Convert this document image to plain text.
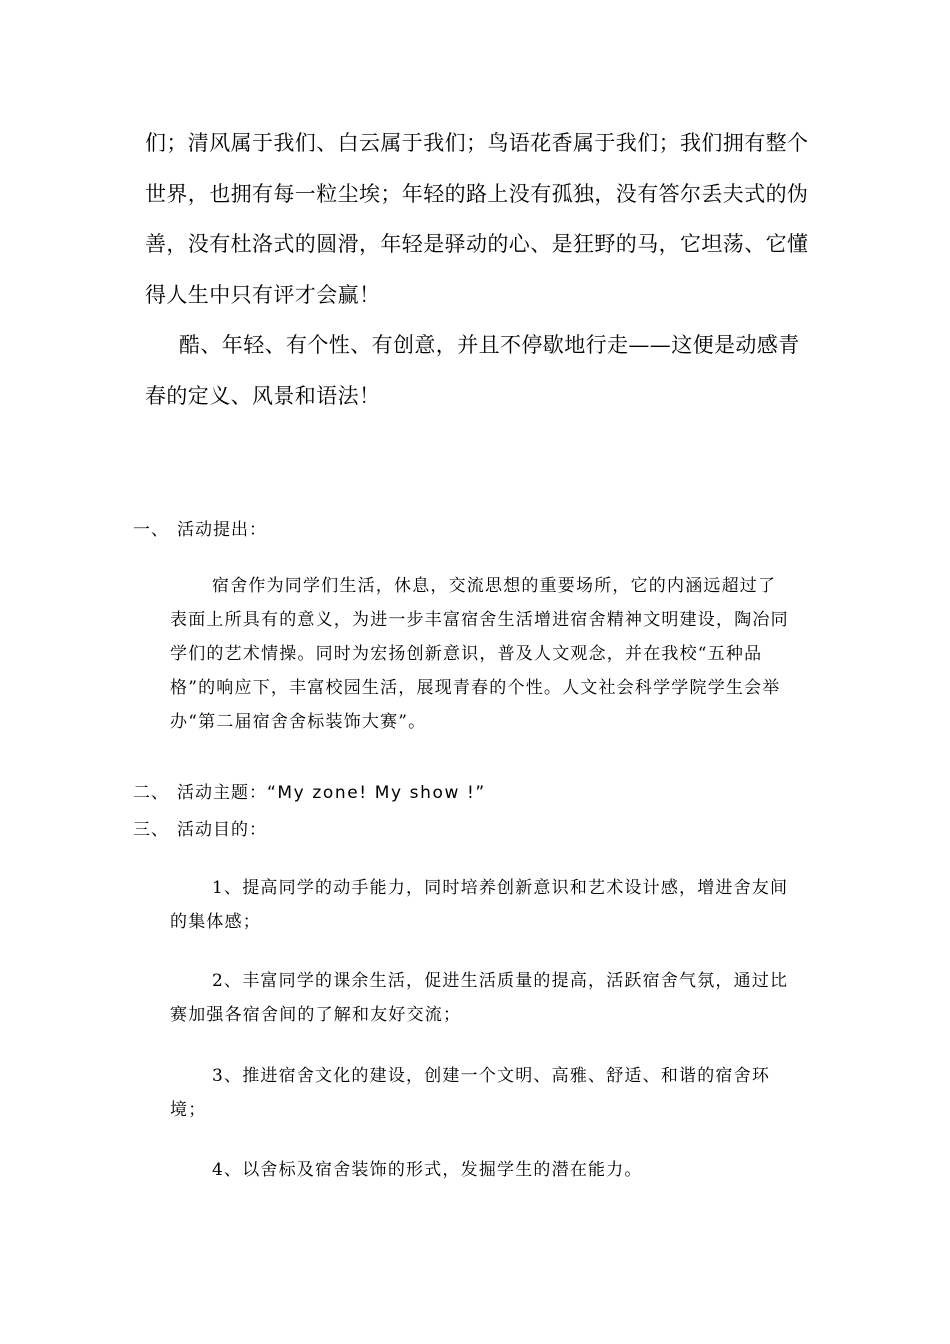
们；清风属于我们、白云属于我们；鸟语花香属于我们；我们拥有整个世界，也拥有每一粒尘埃；年轻的路上没有孤独，没有答尔丢夫式的伪善，没有杜洛式的圆滑，年轻是驿动的心、是狂野的马，它坦荡、它懂得人生中只有评才会赢！

酷、年轻、有个性、有创意，并且不停歇地行走——这便是动感青春的定义、风景和语法！

一、 活动提出：

宿舍作为同学们生活，休息，交流思想的重要场所，它的内涵远超过了表面上所具有的意义，为进一步丰富宿舍生活增进宿舍精神文明建设，陶冶同学们的艺术情操。同时为宏扬创新意识，普及人文观念，并在我校“五种品格”的响应下，丰富校园生活，展现青春的个性。人文社会科学学院学生会举办“第二届宿舍舍标装饰大赛”。

二、 活动主题：“My zone! My show !”
三、 活动目的：

1、提高同学的动手能力，同时培养创新意识和艺术设计感，增进舍友间的集体感；

2、丰富同学的课余生活，促进生活质量的提高，活跃宿舍气氛，通过比赛加强各宿舍间的了解和友好交流；

3、推进宿舍文化的建设，创建一个文明、高雅、舒适、和谐的宿舍环境；

4、以舍标及宿舍装饰的形式，发掘学生的潜在能力。
